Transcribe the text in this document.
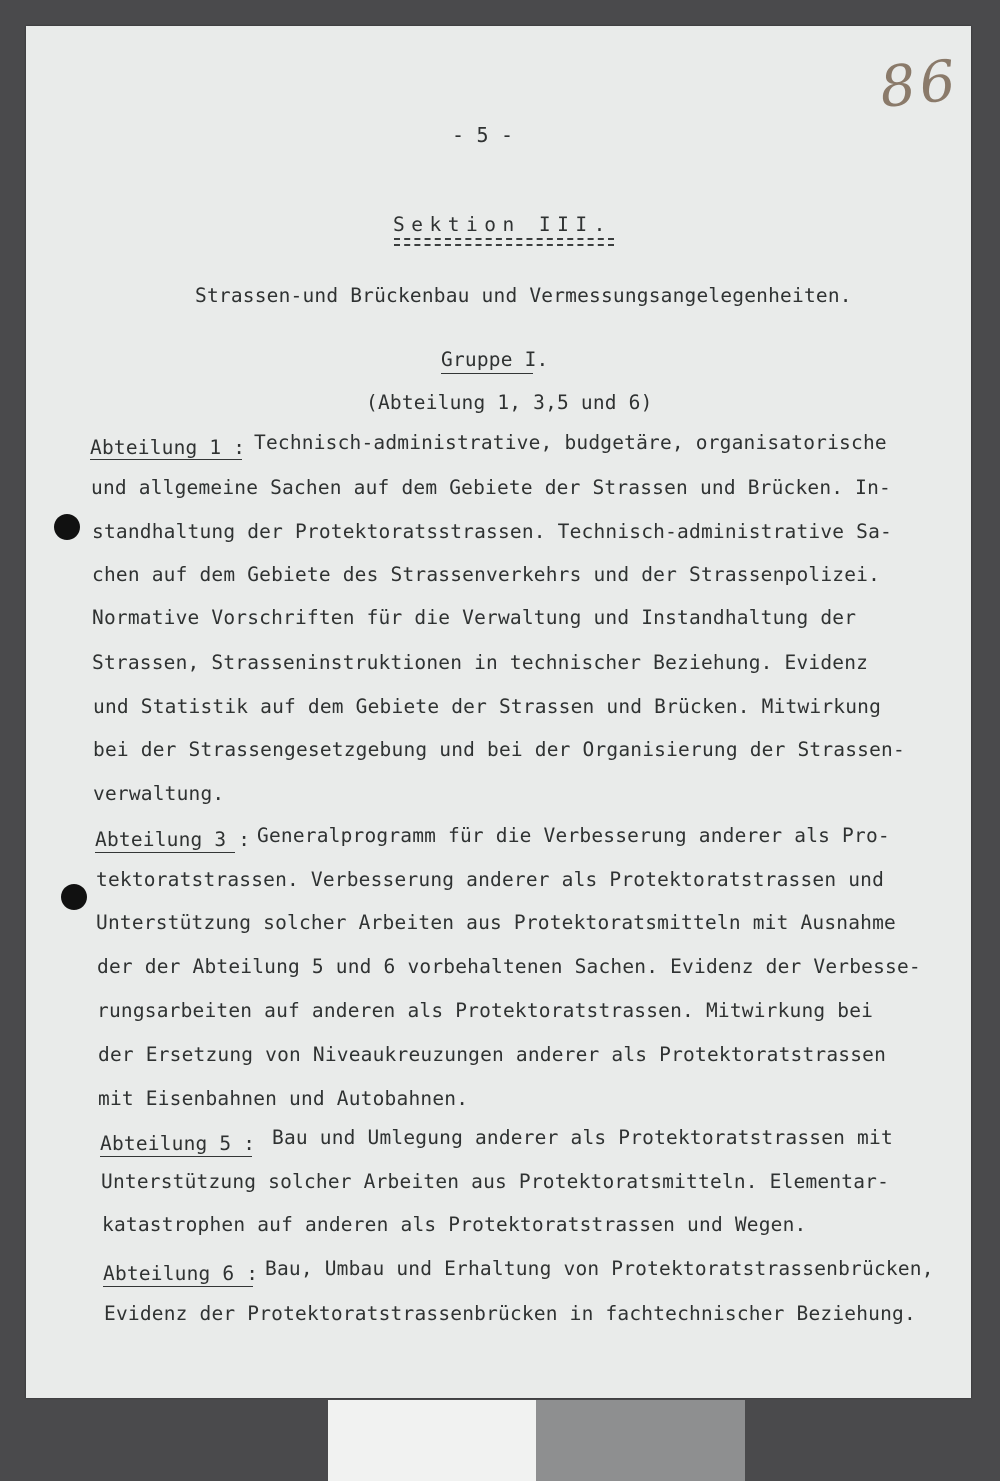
86
- 5 -
Sektion III.
Strassen-und Brückenbau und Vermessungsangelegenheiten.
Gruppe I.
(Abteilung 1, 3,5 und 6)
Abteilung 1 : Technisch-administrative, budgetäre, organisatorische
und allgemeine Sachen auf dem Gebiete der Strassen und Brücken. In-
standhaltung der Protektoratsstrassen. Technisch-administrative Sa-
chen auf dem Gebiete des Strassenverkehrs und der Strassenpolizei.
Normative Vorschriften für die Verwaltung und Instandhaltung der
Strassen, Strasseninstruktionen in technischer Beziehung. Evidenz
und Statistik auf dem Gebiete der Strassen und Brücken. Mitwirkung
bei der Strassengesetzgebung und bei der Organisierung der Strassen-
verwaltung.
Abteilung 3 : Generalprogramm für die Verbesserung anderer als Pro-
tektoratstrassen. Verbesserung anderer als Protektoratstrassen und
Unterstützung solcher Arbeiten aus Protektoratsmitteln mit Ausnahme
der der Abteilung 5 und 6 vorbehaltenen Sachen. Evidenz der Verbesse-
rungsarbeiten auf anderen als Protektoratstrassen. Mitwirkung bei
der Ersetzung von Niveaukreuzungen anderer als Protektoratstrassen
mit Eisenbahnen und Autobahnen.
Abteilung 5 : Bau und Umlegung anderer als Protektoratstrassen mit
Unterstützung solcher Arbeiten aus Protektoratsmitteln. Elementar-
katastrophen auf anderen als Protektoratstrassen und Wegen.
Abteilung 6 : Bau, Umbau und Erhaltung von Protektoratstrassenbrücken,
Evidenz der Protektoratstrassenbrücken in fachtechnischer Beziehung.
